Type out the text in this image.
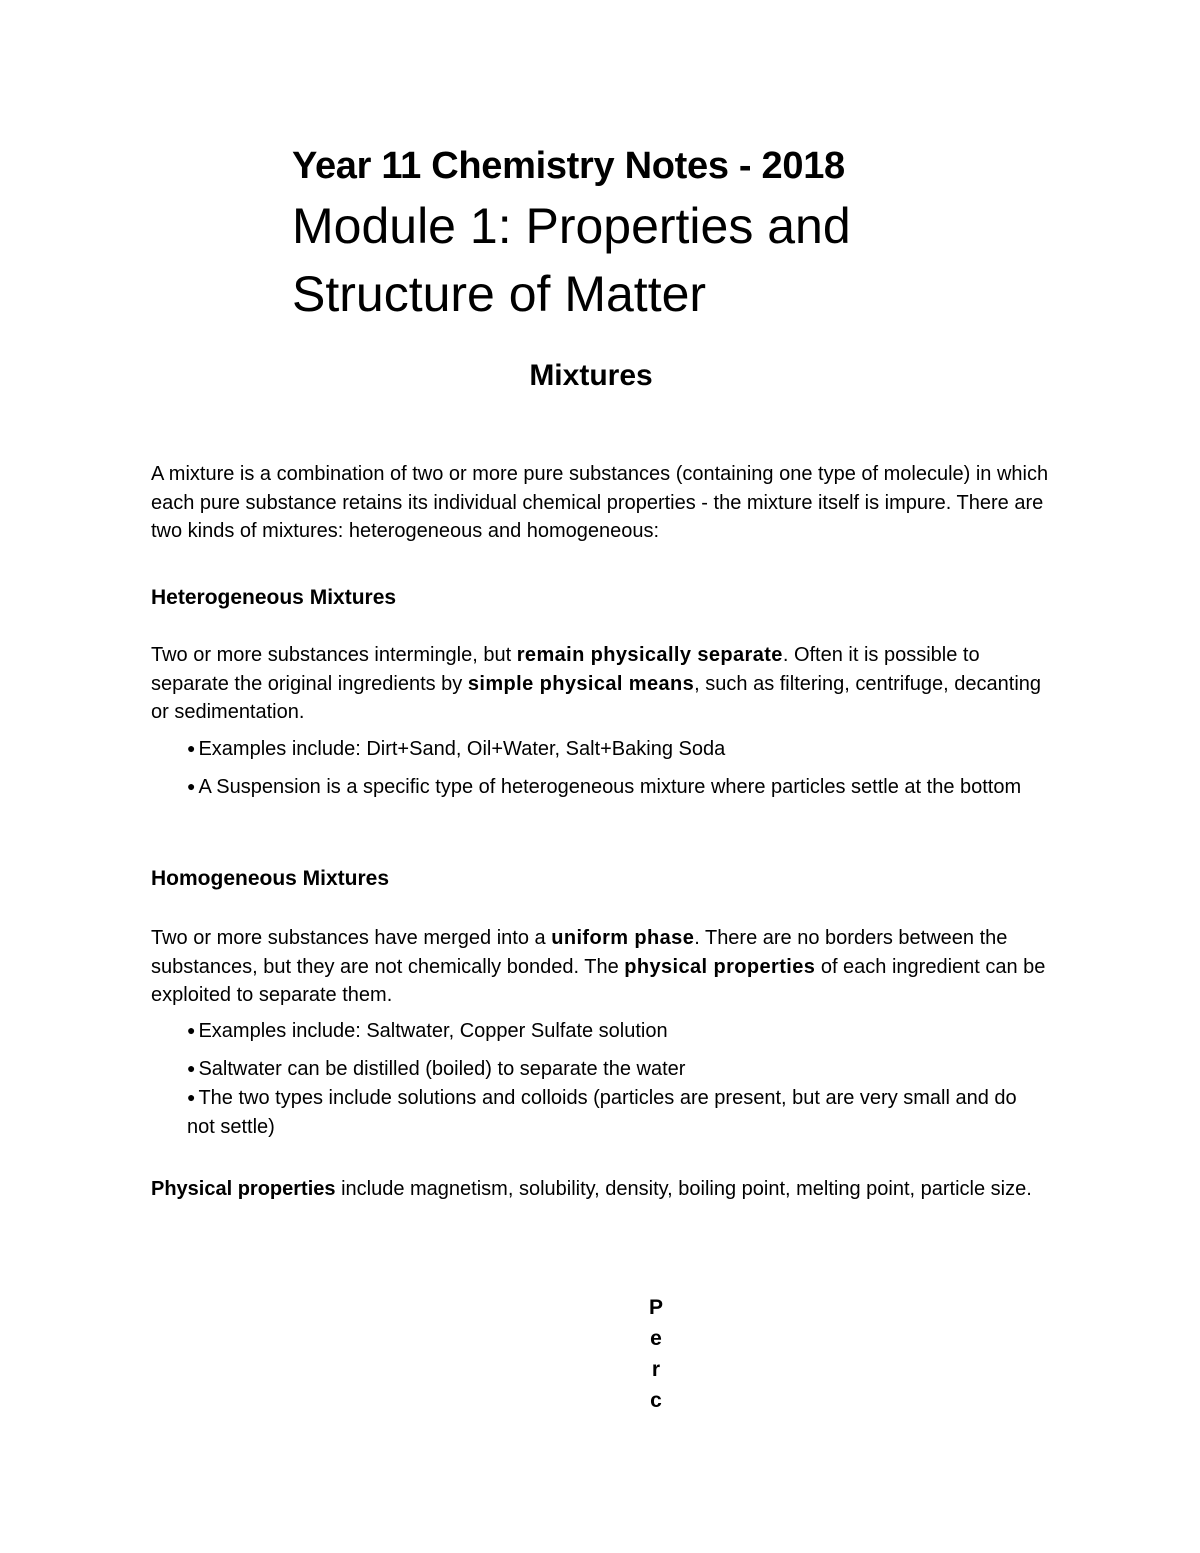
Year 11 Chemistry Notes - 2018
Module 1: Properties and Structure of Matter
Mixtures

A mixture is a combination of two or more pure substances (containing one type of molecule) in which each pure substance retains its individual chemical properties - the mixture itself is impure. There are two kinds of mixtures: heterogeneous and homogeneous:

Heterogeneous Mixtures

Two or more substances intermingle, but remain physically separate. Often it is possible to separate the original ingredients by simple physical means, such as filtering, centrifuge, decanting or sedimentation.

● Examples include: Dirt+Sand, Oil+Water, Salt+Baking Soda
● A Suspension is a specific type of heterogeneous mixture where particles settle at the bottom
Homogeneous Mixtures

Two or more substances have merged into a uniform phase. There are no borders between the substances, but they are not chemically bonded. The physical properties of each ingredient can be exploited to separate them.

● Examples include: Saltwater, Copper Sulfate solution
● Saltwater can be distilled (boiled) to separate the water
● The two types include solutions and colloids (particles are present, but are very small and do not settle)

Physical properties include magnetism, solubility, density, boiling point, melting point, particle size.

P
e
r
c
